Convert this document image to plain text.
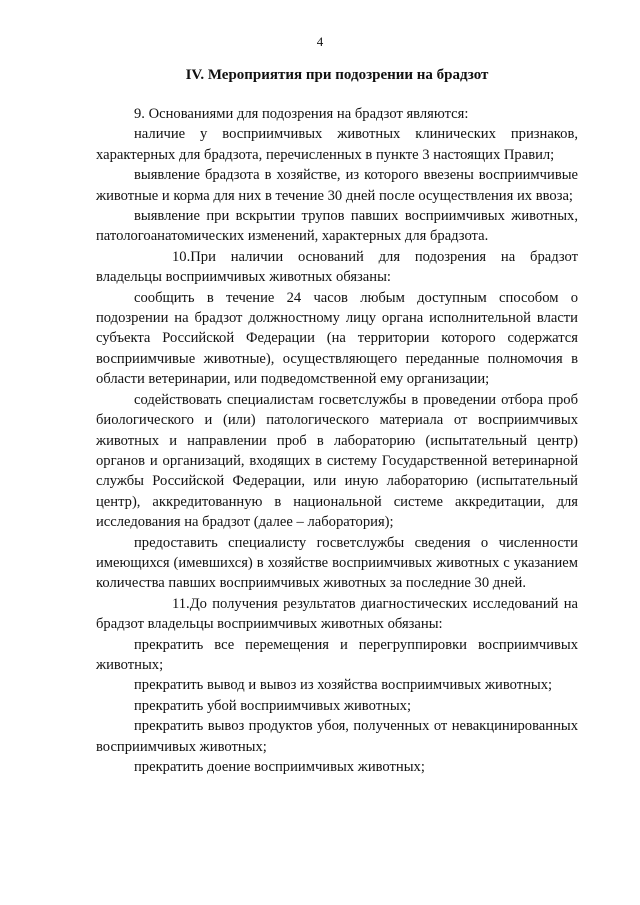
4
IV. Мероприятия при подозрении на брадзот

9. Основаниями для подозрения на брадзот являются:

наличие у восприимчивых животных клинических признаков, характерных для брадзота, перечисленных в пункте 3 настоящих Правил;

выявление брадзота в хозяйстве, из которого ввезены восприимчивые животные и корма для них в течение 30 дней после осуществления их ввоза;

выявление при вскрытии трупов павших восприимчивых животных, патологоанатомических изменений, характерных для брадзота.

10.При наличии оснований для подозрения на брадзот владельцы восприимчивых животных обязаны:

сообщить в течение 24 часов любым доступным способом о подозрении на брадзот должностному лицу органа исполнительной власти субъекта Российской Федерации (на территории которого содержатся восприимчивые животные), осуществляющего переданные полномочия в области ветеринарии, или подведомственной ему организации;

содействовать специалистам госветслужбы в проведении отбора проб биологического и (или) патологического материала от восприимчивых животных и направлении проб в лабораторию (испытательный центр) органов и организаций, входящих в систему Государственной ветеринарной службы Российской Федерации, или иную лабораторию (испытательный центр), аккредитованную в национальной системе аккредитации, для исследования на брадзот (далее – лаборатория);

предоставить специалисту госветслужбы сведения о численности имеющихся (имевшихся) в хозяйстве восприимчивых животных с указанием количества павших восприимчивых животных за последние 30 дней.

11.До получения результатов диагностических исследований на брадзот владельцы восприимчивых животных обязаны:

прекратить все перемещения и перегруппировки восприимчивых животных;

прекратить вывод и вывоз из хозяйства восприимчивых животных;

прекратить убой восприимчивых животных;

прекратить вывоз продуктов убоя, полученных от невакцинированных восприимчивых животных;

прекратить доение восприимчивых животных;
